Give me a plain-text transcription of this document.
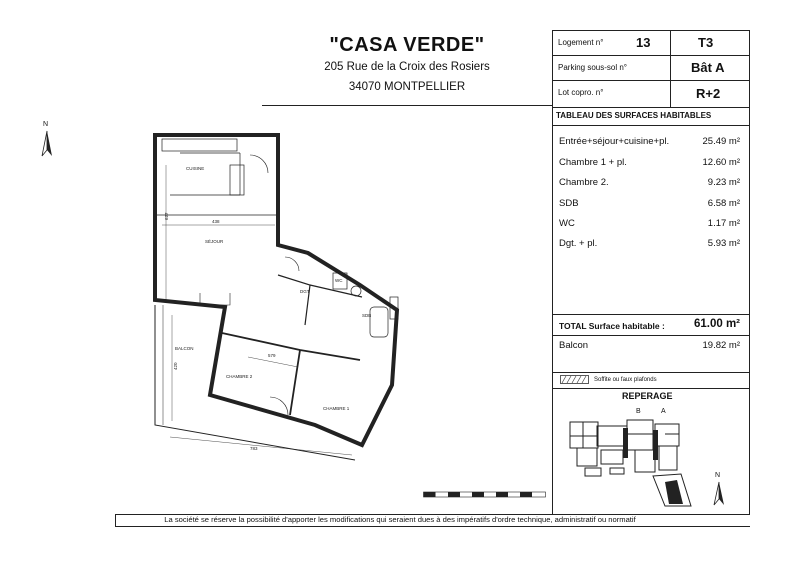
"CASA VERDE"
205 Rue de la Croix des Rosiers
34070 MONTPELLIER
Logement n°	13	T3
Parking sous-sol n°	Bât A
Lot copro. n°	R+2
TABLEAU DES SURFACES HABITABLES
Entrée+séjour+cuisine+pl.	25.49 m²
Chambre 1 + pl.	12.60 m²
Chambre 2.	9.23 m²
SDB	6.58 m²
WC	1.17 m²
Dgt. + pl.	5.93 m²
TOTAL Surface habitable :	61.00 m²
Balcon	19.82 m²
Soffite ou faux plafonds
REPERAGE
B	A
N
N
CUISINE
SÉJOUR
BALCON
CHAMBRE 2
CHAMBRE 1
SDB
WC
DGT
438
627
579
783
420
La société se réserve la possibilité d'apporter les modifications qui seraient dues à des impératifs d'ordre technique, administratif ou normatif
